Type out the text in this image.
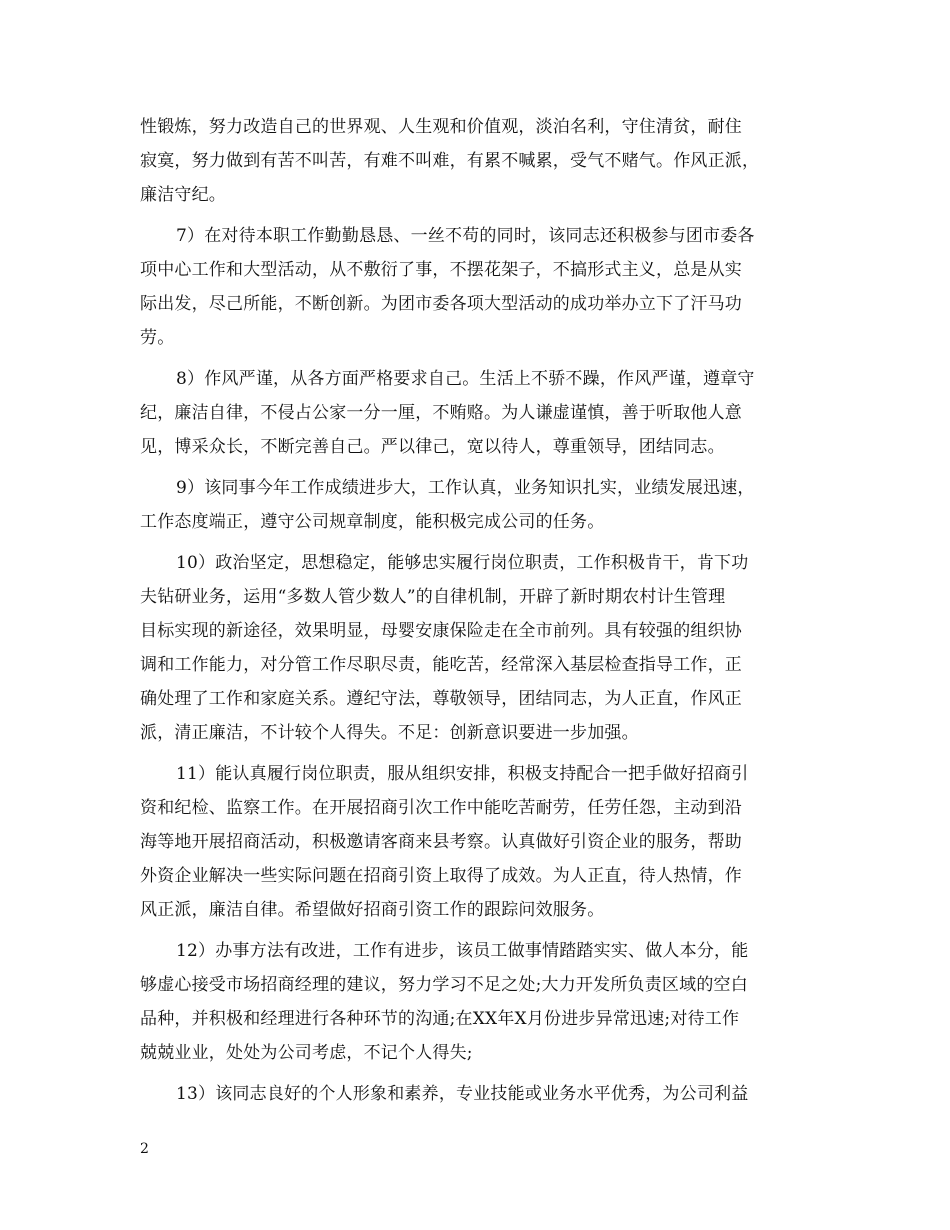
性锻炼，努力改造自己的世界观、人生观和价值观，淡泊名利，守住清贫，耐住
寂寞，努力做到有苦不叫苦，有难不叫难，有累不喊累，受气不赌气。作风正派，
廉洁守纪。
7）在对待本职工作勤勤恳恳、一丝不苟的同时，该同志还积极参与团市委各
项中心工作和大型活动，从不敷衍了事，不摆花架子，不搞形式主义，总是从实
际出发，尽己所能，不断创新。为团市委各项大型活动的成功举办立下了汗马功
劳。
8）作风严谨，从各方面严格要求自己。生活上不骄不躁，作风严谨，遵章守
纪，廉洁自律，不侵占公家一分一厘，不贿赂。为人谦虚谨慎，善于听取他人意
见，博采众长，不断完善自己。严以律己，宽以待人，尊重领导，团结同志。
9）该同事今年工作成绩进步大，工作认真，业务知识扎实，业绩发展迅速，
工作态度端正，遵守公司规章制度，能积极完成公司的任务。
10）政治坚定，思想稳定，能够忠实履行岗位职责，工作积极肯干，肯下功
夫钻研业务，运用“多数人管少数人”的自律机制，开辟了新时期农村计生管理
目标实现的新途径，效果明显，母婴安康保险走在全市前列。具有较强的组织协
调和工作能力，对分管工作尽职尽责，能吃苦，经常深入基层检查指导工作，正
确处理了工作和家庭关系。遵纪守法，尊敬领导，团结同志，为人正直，作风正
派，清正廉洁，不计较个人得失。不足：创新意识要进一步加强。
11）能认真履行岗位职责，服从组织安排，积极支持配合一把手做好招商引
资和纪检、监察工作。在开展招商引次工作中能吃苦耐劳，任劳任怨，主动到沿
海等地开展招商活动，积极邀请客商来县考察。认真做好引资企业的服务，帮助
外资企业解决一些实际问题在招商引资上取得了成效。为人正直，待人热情，作
风正派，廉洁自律。希望做好招商引资工作的跟踪问效服务。
12）办事方法有改进，工作有进步，该员工做事情踏踏实实、做人本分，能
够虚心接受市场招商经理的建议，努力学习不足之处;大力开发所负责区域的空白
品种，并积极和经理进行各种环节的沟通;在XX年X月份进步异常迅速;对待工作
兢兢业业，处处为公司考虑，不记个人得失;
13）该同志良好的个人形象和素养，专业技能或业务水平优秀，为公司利益
2
